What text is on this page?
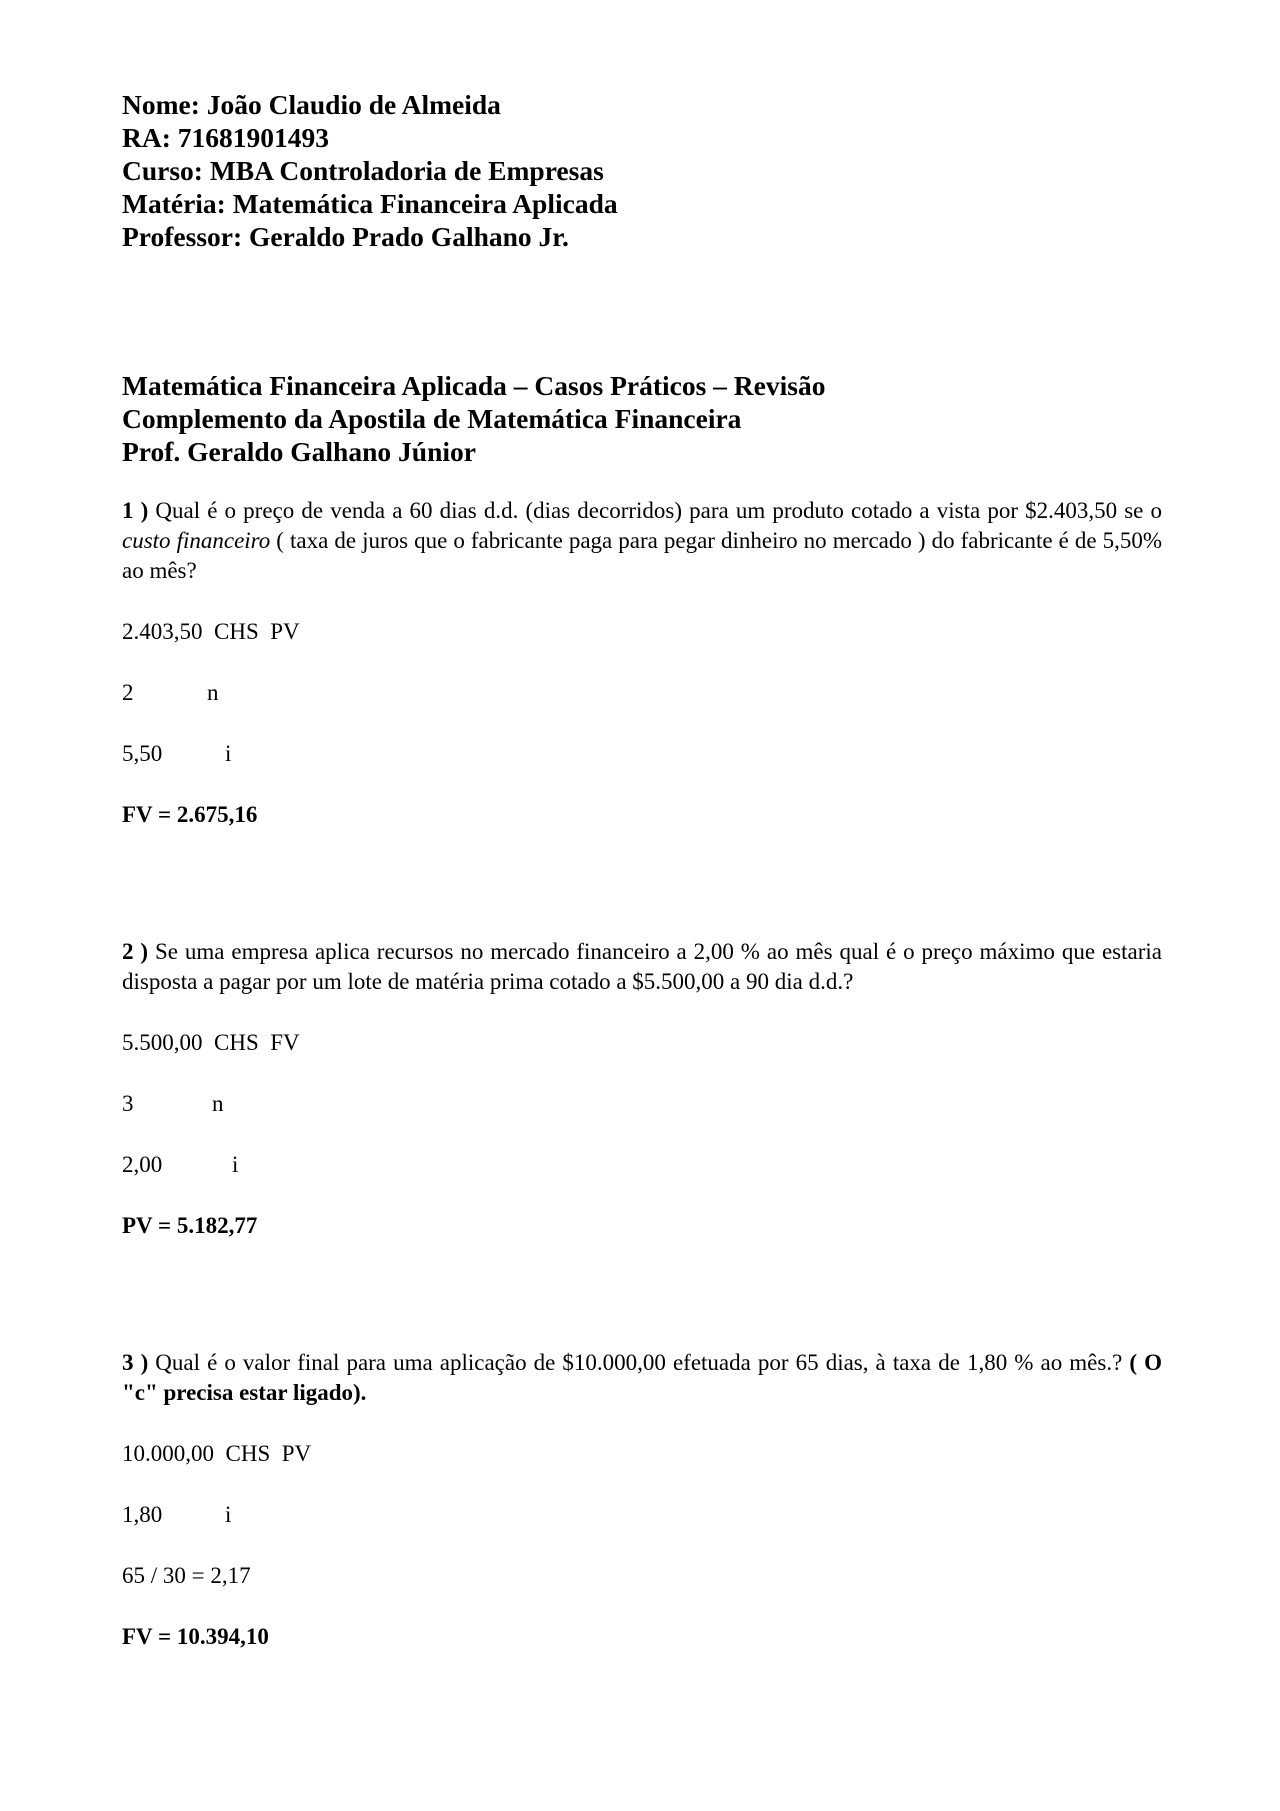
Nome: João Claudio de Almeida

RA: 71681901493

Curso: MBA Controladoria de Empresas

Matéria: Matemática Financeira Aplicada

Professor: Geraldo Prado Galhano Jr.

Matemática Financeira Aplicada – Casos Práticos – Revisão

Complemento da Apostila de Matemática Financeira

Prof. Geraldo Galhano Júnior

1 ) Qual é o preço de venda a 60 dias d.d. (dias decorridos) para um produto cotado a vista por $2.403,50 se o custo financeiro ( taxa de juros que o fabricante paga para pegar dinheiro no mercado ) do fabricante é de 5,50% ao mês?

2.403,50 CHS  PV

2	n

5,50	i

FV = 2.675,16

2 ) Se uma empresa aplica recursos no mercado financeiro a 2,00 % ao mês qual é o preço máximo que estaria disposta a pagar por um lote de matéria prima cotado a $5.500,00 a 90 dia d.d.?

5.500,00 CHS  FV

3	n

2,00	i

PV = 5.182,77

3 ) Qual é o valor final para uma aplicação de $10.000,00 efetuada por 65 dias, à taxa de 1,80 % ao mês.? ( O "c" precisa estar ligado).

10.000,00 CHS  PV

1,80	i

65 / 30 = 2,17

FV = 10.394,10
